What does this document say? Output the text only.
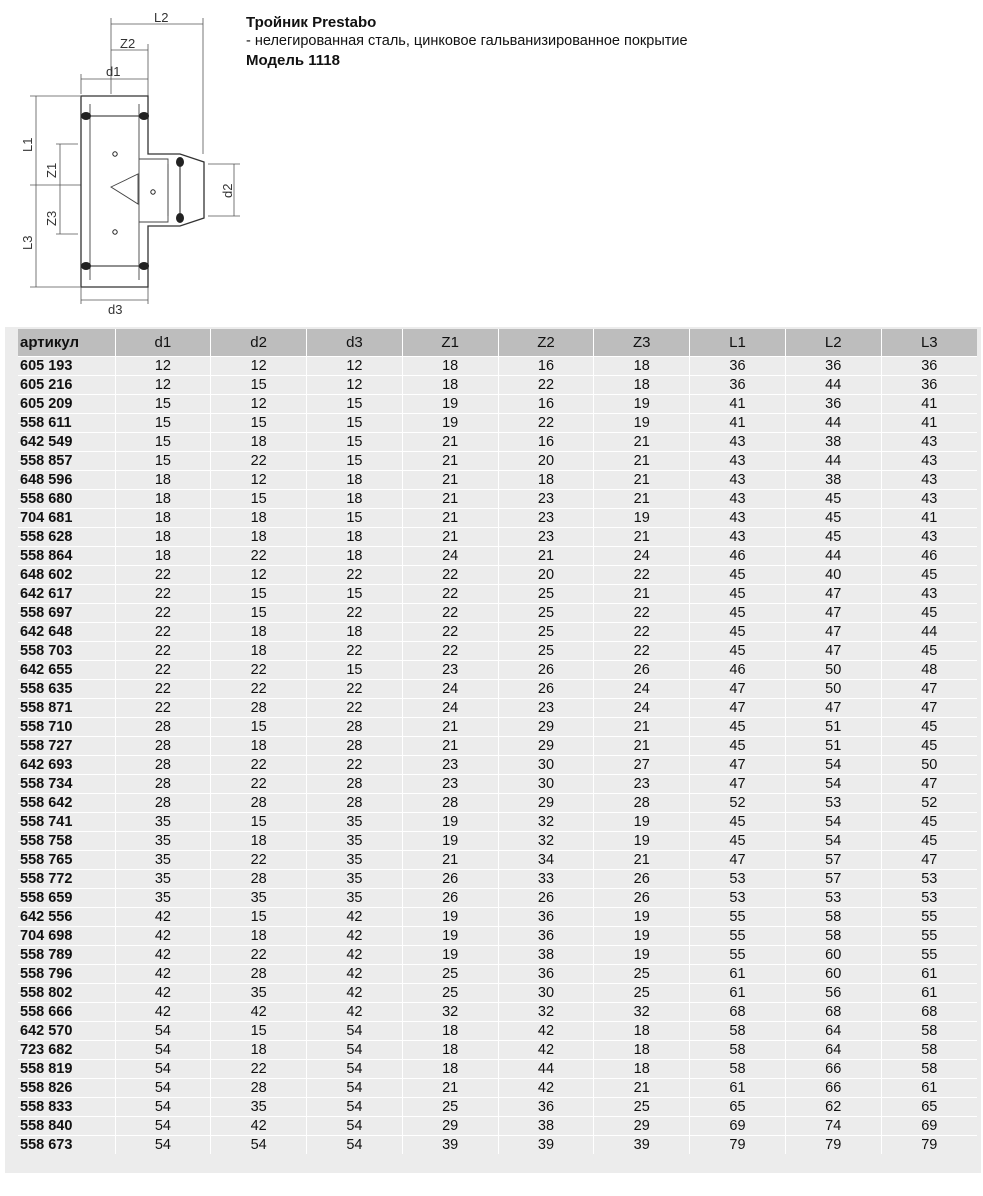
L2
Z2
d1
d3
L1
Z1
Z3
L3
d2
Тройник Prestabo
- нелегированная сталь, цинковое гальванизированное покрытие
Модель 1118
артикул	d1	d2	d3	Z1	Z2	Z3	L1	L2	L3
605 193	12	12	12	18	16	18	36	36	36
605 216	12	15	12	18	22	18	36	44	36
605 209	15	12	15	19	16	19	41	36	41
558 611	15	15	15	19	22	19	41	44	41
642 549	15	18	15	21	16	21	43	38	43
558 857	15	22	15	21	20	21	43	44	43
648 596	18	12	18	21	18	21	43	38	43
558 680	18	15	18	21	23	21	43	45	43
704 681	18	18	15	21	23	19	43	45	41
558 628	18	18	18	21	23	21	43	45	43
558 864	18	22	18	24	21	24	46	44	46
648 602	22	12	22	22	20	22	45	40	45
642 617	22	15	15	22	25	21	45	47	43
558 697	22	15	22	22	25	22	45	47	45
642 648	22	18	18	22	25	22	45	47	44
558 703	22	18	22	22	25	22	45	47	45
642 655	22	22	15	23	26	26	46	50	48
558 635	22	22	22	24	26	24	47	50	47
558 871	22	28	22	24	23	24	47	47	47
558 710	28	15	28	21	29	21	45	51	45
558 727	28	18	28	21	29	21	45	51	45
642 693	28	22	22	23	30	27	47	54	50
558 734	28	22	28	23	30	23	47	54	47
558 642	28	28	28	28	29	28	52	53	52
558 741	35	15	35	19	32	19	45	54	45
558 758	35	18	35	19	32	19	45	54	45
558 765	35	22	35	21	34	21	47	57	47
558 772	35	28	35	26	33	26	53	57	53
558 659	35	35	35	26	26	26	53	53	53
642 556	42	15	42	19	36	19	55	58	55
704 698	42	18	42	19	36	19	55	58	55
558 789	42	22	42	19	38	19	55	60	55
558 796	42	28	42	25	36	25	61	60	61
558 802	42	35	42	25	30	25	61	56	61
558 666	42	42	42	32	32	32	68	68	68
642 570	54	15	54	18	42	18	58	64	58
723 682	54	18	54	18	42	18	58	64	58
558 819	54	22	54	18	44	18	58	66	58
558 826	54	28	54	21	42	21	61	66	61
558 833	54	35	54	25	36	25	65	62	65
558 840	54	42	54	29	38	29	69	74	69
558 673	54	54	54	39	39	39	79	79	79
